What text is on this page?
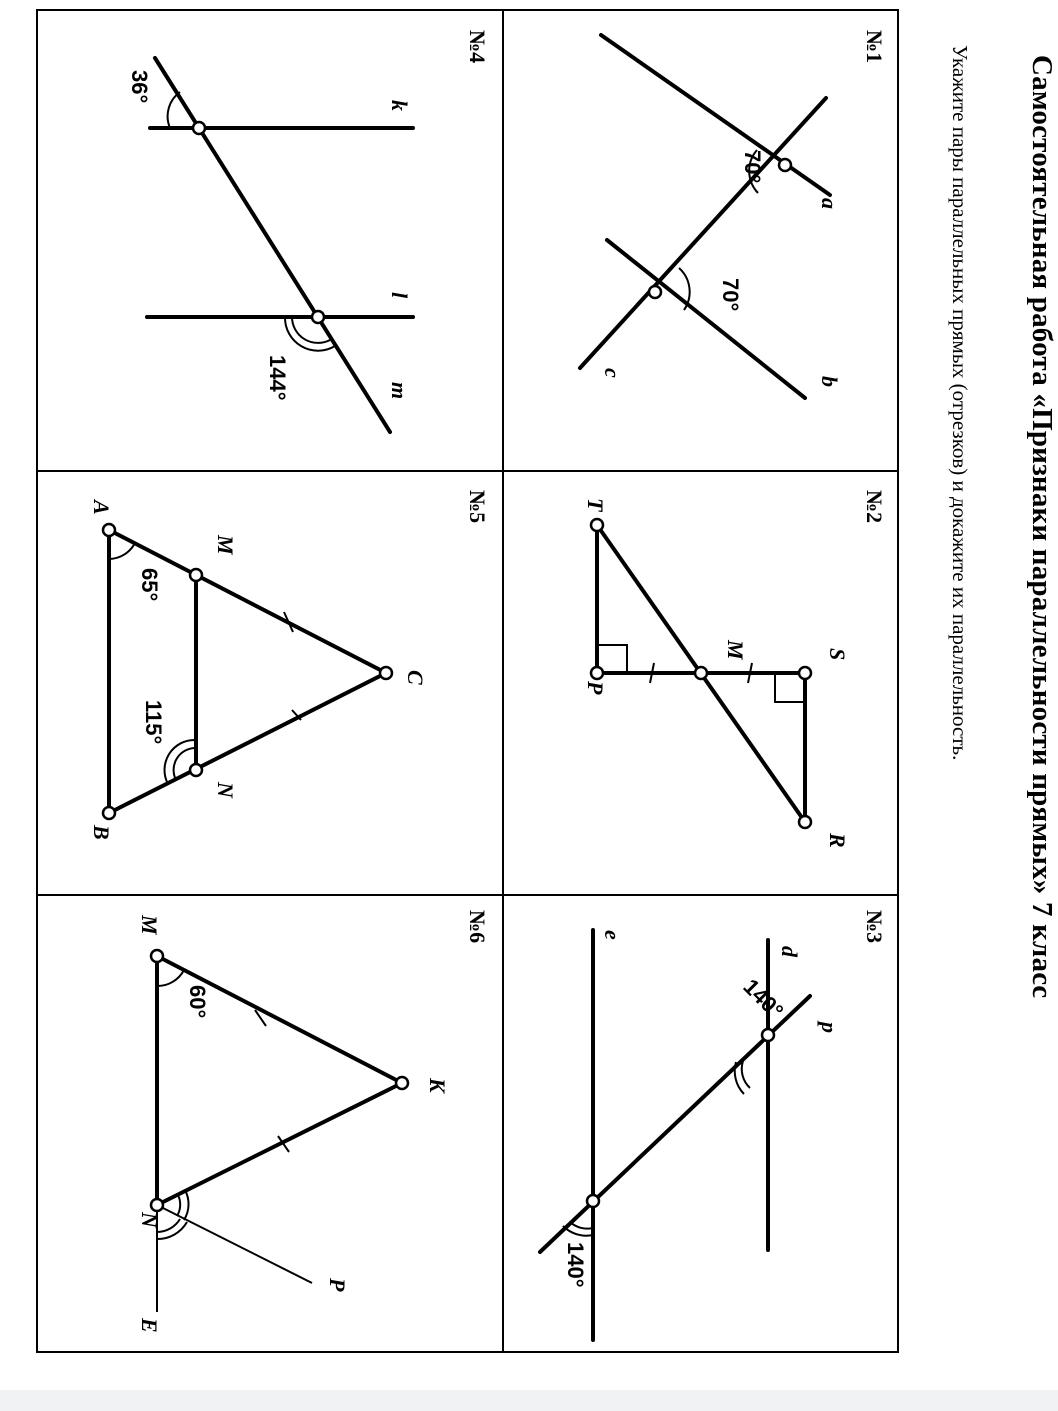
Самостоятельная работа «Признаки параллельности прямых» 7 класс
Укажите пары параллельных прямых (отрезков) и докажите их параллельность.
№1
a
b
c
70°
70°
№2
T
P
S
R
M
№3
d
e
p
140°
140°
№4
k
l
m
36°
144°
№5
A
M
C
N
B
65°
115°
№6
M
K
N
P
E
60°
